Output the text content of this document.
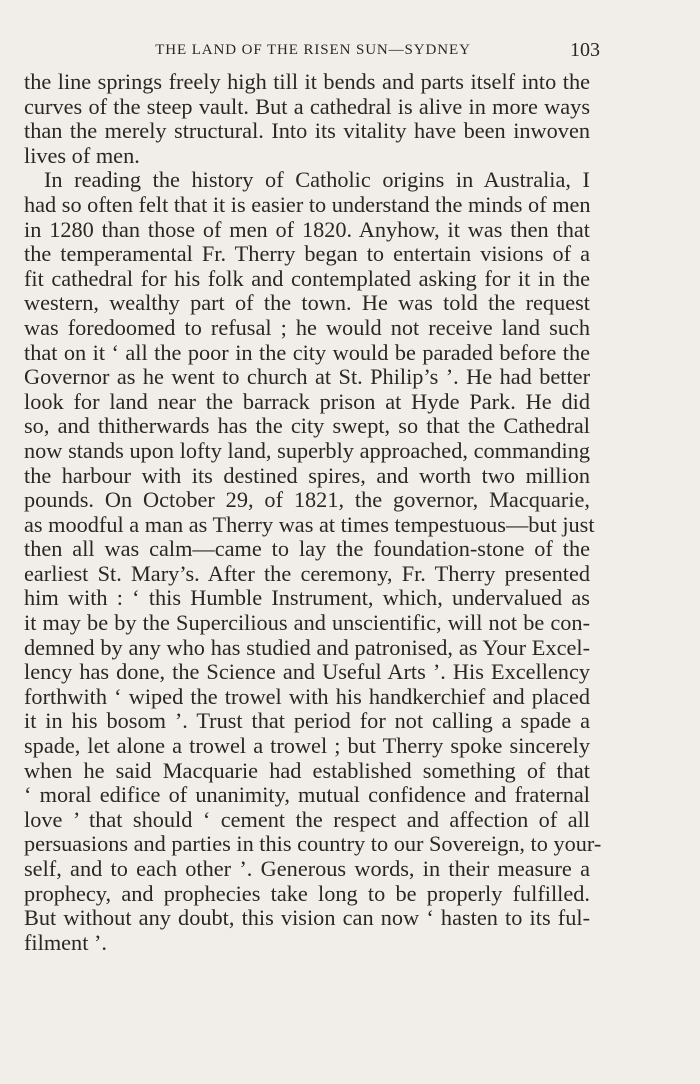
THE LAND OF THE RISEN SUN—SYDNEY	103
the line springs freely high till it bends and parts itself into the
curves of the steep vault. But a cathedral is alive in more ways
than the merely structural. Into its vitality have been inwoven
lives of men.
In reading the history of Catholic origins in Australia, I
had so often felt that it is easier to understand the minds of men
in 1280 than those of men of 1820. Anyhow, it was then that
the temperamental Fr. Therry began to entertain visions of a
fit cathedral for his folk and contemplated asking for it in the
western, wealthy part of the town. He was told the request
was foredoomed to refusal ; he would not receive land such
that on it ‘ all the poor in the city would be paraded before the
Governor as he went to church at St. Philip’s ’. He had better
look for land near the barrack prison at Hyde Park. He did
so, and thitherwards has the city swept, so that the Cathedral
now stands upon lofty land, superbly approached, commanding
the harbour with its destined spires, and worth two million
pounds. On October 29, of 1821, the governor, Macquarie,
as moodful a man as Therry was at times tempestuous—but just
then all was calm—came to lay the foundation-stone of the
earliest St. Mary’s. After the ceremony, Fr. Therry presented
him with : ‘ this Humble Instrument, which, undervalued as
it may be by the Supercilious and unscientific, will not be con-
demned by any who has studied and patronised, as Your Excel-
lency has done, the Science and Useful Arts ’. His Excellency
forthwith ‘ wiped the trowel with his handkerchief and placed
it in his bosom ’. Trust that period for not calling a spade a
spade, let alone a trowel a trowel ; but Therry spoke sincerely
when he said Macquarie had established something of that
‘ moral edifice of unanimity, mutual confidence and fraternal
love ’ that should ‘ cement the respect and affection of all
persuasions and parties in this country to our Sovereign, to your-
self, and to each other ’. Generous words, in their measure a
prophecy, and prophecies take long to be properly fulfilled.
But without any doubt, this vision can now ‘ hasten to its ful-
filment ’.
